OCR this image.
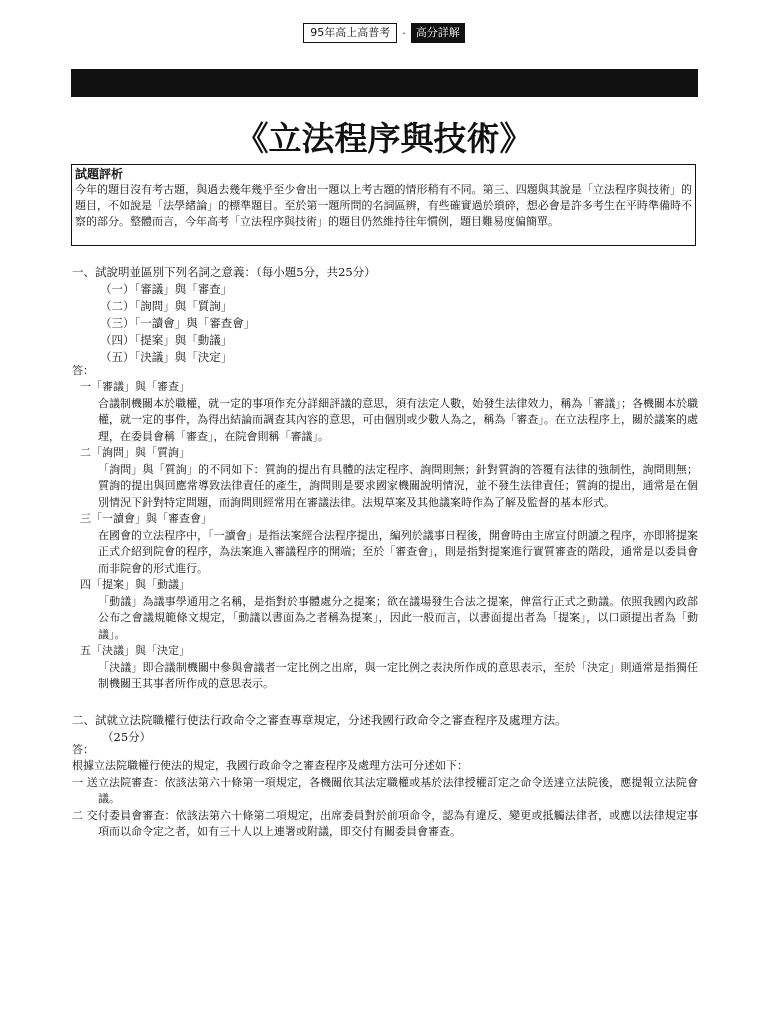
95年高上高普考	‧ 高分詳解
《立法程序與技術》
試題評析
今年的題目沒有考古題，與過去幾年幾乎至少會出一題以上考古題的情形稍有不同。第三、四題與其說是「立法程序與技術」的題目，不如說是「法學緒論」的標準題目。至於第一題所問的名詞區辨，有些確實過於瑣碎，想必會是許多考生在平時準備時不察的部分。整體而言，今年高考「立法程序與技術」的題目仍然維持往年慣例，題目難易度偏簡單。
一、試說明並區別下列名詞之意義：（每小題5分，共25分）
（一）「審議」與「審查」
（二）「詢問」與「質詢」
（三）「一讀會」與「審查會」
（四）「提案」與「動議」
（五）「決議」與「決定」
答：
一「審議」與「審查」
合議制機關本於職權，就一定的事項作充分詳細評議的意思，須有法定人數，始發生法律效力，稱為「審議」；各機關本於職權，就一定的事件，為得出結論而調查其內容的意思，可由個別或少數人為之，稱為「審查」。在立法程序上，關於議案的處理，在委員會稱「審查」，在院會則稱「審議」。
二「詢問」與「質詢」
「詢問」與「質詢」的不同如下：質詢的提出有具體的法定程序、詢問則無；針對質詢的答覆有法律的強制性，詢問則無；質詢的提出與回應常導致法律責任的產生，詢問則是要求國家機關說明情況，並不發生法律責任；質詢的提出，通常是在個別情況下針對特定問題，而詢問則經常用在審議法律。法規草案及其他議案時作為了解及監督的基本形式。
三「一讀會」與「審查會」
在國會的立法程序中，「一讀會」是指法案經合法程序提出，編列於議事日程後，開會時由主席宣付朗讀之程序，亦即將提案正式介紹到院會的程序，為法案進入審議程序的開端；至於「審查會」，則是指對提案進行實質審查的階段，通常是以委員會而非院會的形式進行。
四「提案」與「動議」
「動議」為議事學通用之名稱，是指對於事體處分之提案；欲在議場發生合法之提案，俾當行正式之動議。依照我國內政部公布之會議規範條文規定，「動議以書面為之者稱為提案」，因此一般而言，以書面提出者為「提案」，以口頭提出者為「動議」。
五「決議」與「決定」
「決議」即合議制機關中參與會議者一定比例之出席，與一定比例之表決所作成的意思表示，至於「決定」則通常是指獨任制機關王其事者所作成的意思表示。
二、試就立法院職權行使法行政命令之審查專章規定，分述我國行政命令之審查程序及處理方法。
（25分）
答：
根據立法院職權行使法的規定，我國行政命令之審查程序及處理方法可分述如下：
一 送立法院審查：依該法第六十條第一項規定，各機關依其法定職權或基於法律授權訂定之命令送達立法院後，應提報立法院會議。
二 交付委員會審查：依該法第六十條第二項規定，出席委員對於前項命令，認為有違反、變更或抵觸法律者，或應以法律規定事項而以命令定之者，如有三十人以上連署或附議，即交付有關委員會審查。
